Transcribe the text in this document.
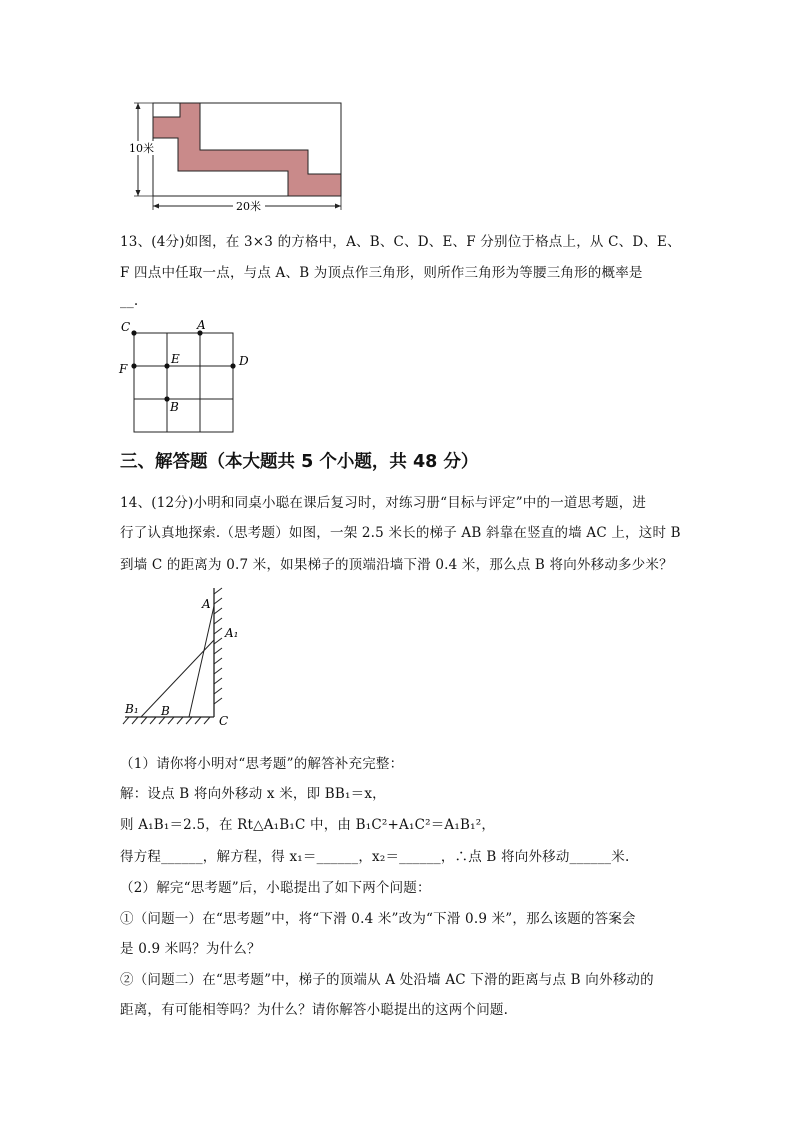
10米
20米
13、(4分)如图，在 3×3 的方格中，A、B、C、D、E、F 分别位于格点上，从 C、D、E、
F 四点中任取一点，与点 A、B 为顶点作三角形，则所作三角形为等腰三角形的概率是
__.
C	A
E	D
F
B
三、解答题（本大题共 5 个小题，共 48 分）
14、(12分)小明和同桌小聪在课后复习时，对练习册“目标与评定”中的一道思考题，进
行了认真地探索.（思考题）如图，一架 2.5 米长的梯子 AB 斜靠在竖直的墙 AC 上，这时 B
到墙 C 的距离为 0.7 米，如果梯子的顶端沿墙下滑 0.4 米，那么点 B 将向外移动多少米？
A
A₁
B₁ B
C
（1）请你将小明对“思考题”的解答补充完整：
解：设点 B 将向外移动 x 米，即 BB₁＝x，
则 A₁B₁＝2.5，在 Rt△A₁B₁C 中，由 B₁C²+A₁C²＝A₁B₁²，
得方程______，解方程，得 x₁＝______，x₂＝______，∴点 B 将向外移动______米.
（2）解完“思考题”后，小聪提出了如下两个问题：
①（问题一）在“思考题”中，将“下滑 0.4 米”改为“下滑 0.9 米”，那么该题的答案会
是 0.9 米吗？为什么？
②（问题二）在“思考题”中，梯子的顶端从 A 处沿墙 AC 下滑的距离与点 B 向外移动的
距离，有可能相等吗？为什么？请你解答小聪提出的这两个问题.
